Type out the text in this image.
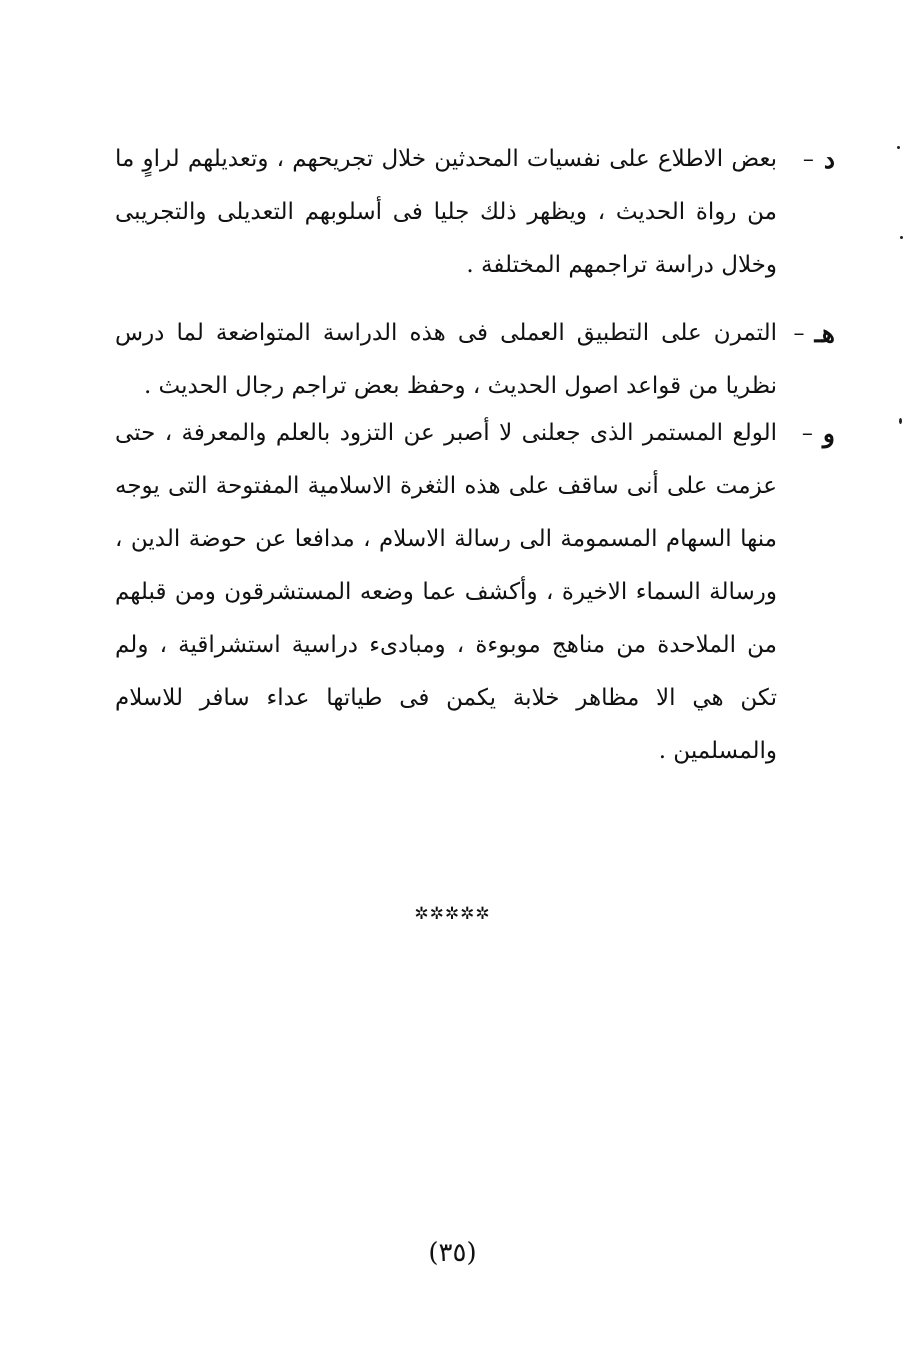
د
–
بعض الاطلاع على نفسيات المحدثين خلال تجريحهم ، وتعديلهم لراوٍ ما من رواة الحديث ، ويظهر ذلك جليا فى أسلوبهم التعديلى والتجريبى وخلال دراسة تراجمهم المختلفة .
هـ
–
التمرن على التطبيق العملى فى هذه الدراسة المتواضعة لما درس نظريا من قواعد اصول الحديث ، وحفظ بعض تراجم رجال الحديث .
و
–
الولع المستمر الذى جعلنى لا أصبر عن التزود بالعلم والمعرفة ، حتى عزمت على أنى ساقف على هذه الثغرة الاسلامية المفتوحة التى يوجه منها السهام المسمومة الى رسالة الاسلام ، مدافعا عن حوضة الدين ، ورسالة السماء الاخيرة ، وأكشف عما وضعه المستشرقون ومن قبلهم من الملاحدة من مناهج موبوءة ، ومبادىء دراسية استشراقية ، ولم تكن هي الا مظاهر خلابة يكمن فى طياتها عداء سافر للاسلام والمسلمين .
✲✲✲✲✲
(٣٥)
